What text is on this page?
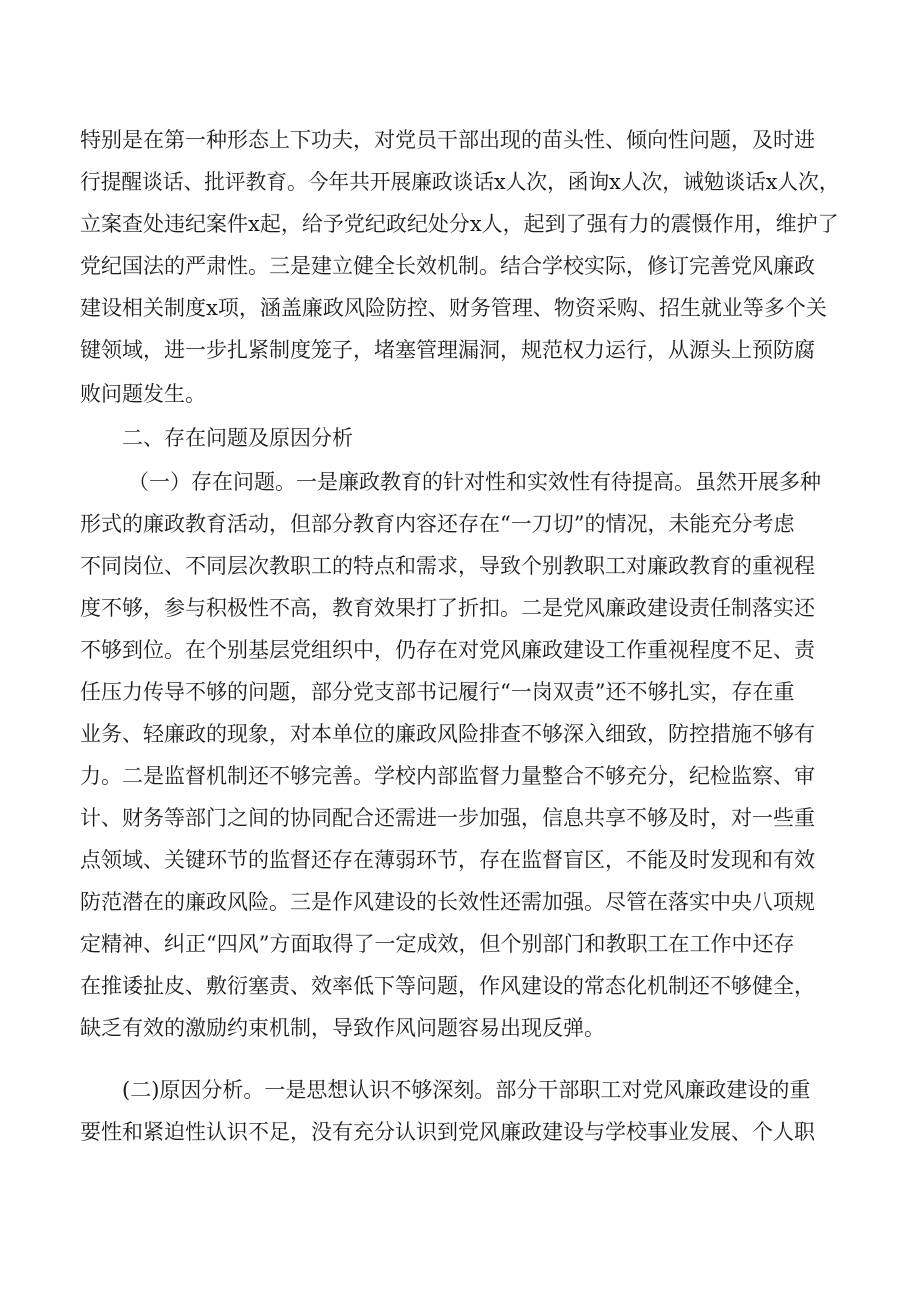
特别是在第一种形态上下功夫，对党员干部出现的苗头性、倾向性问题，及时进
行提醒谈话、批评教育。今年共开展廉政谈话x人次，函询x人次，诫勉谈话x人次，
立案查处违纪案件x起，给予党纪政纪处分x人，起到了强有力的震慑作用，维护了
党纪国法的严肃性。三是建立健全长效机制。结合学校实际，修订完善党风廉政
建设相关制度x项，涵盖廉政风险防控、财务管理、物资采购、招生就业等多个关
键领域，进一步扎紧制度笼子，堵塞管理漏洞，规范权力运行，从源头上预防腐
败问题发生。
二、存在问题及原因分析
（一）存在问题。一是廉政教育的针对性和实效性有待提高。虽然开展多种
形式的廉政教育活动，但部分教育内容还存在“一刀切”的情况，未能充分考虑
不同岗位、不同层次教职工的特点和需求，导致个别教职工对廉政教育的重视程
度不够，参与积极性不高，教育效果打了折扣。二是党风廉政建设责任制落实还
不够到位。在个别基层党组织中，仍存在对党风廉政建设工作重视程度不足、责
任压力传导不够的问题，部分党支部书记履行“一岗双责”还不够扎实，存在重
业务、轻廉政的现象，对本单位的廉政风险排查不够深入细致，防控措施不够有
力。二是监督机制还不够完善。学校内部监督力量整合不够充分，纪检监察、审
计、财务等部门之间的协同配合还需进一步加强，信息共享不够及时，对一些重
点领域、关键环节的监督还存在薄弱环节，存在监督盲区，不能及时发现和有效
防范潜在的廉政风险。三是作风建设的长效性还需加强。尽管在落实中央八项规
定精神、纠正“四风”方面取得了一定成效，但个别部门和教职工在工作中还存
在推诿扯皮、敷衍塞责、效率低下等问题，作风建设的常态化机制还不够健全，
缺乏有效的激励约束机制，导致作风问题容易出现反弹。
(二)原因分析。一是思想认识不够深刻。部分干部职工对党风廉政建设的重
要性和紧迫性认识不足，没有充分认识到党风廉政建设与学校事业发展、个人职
